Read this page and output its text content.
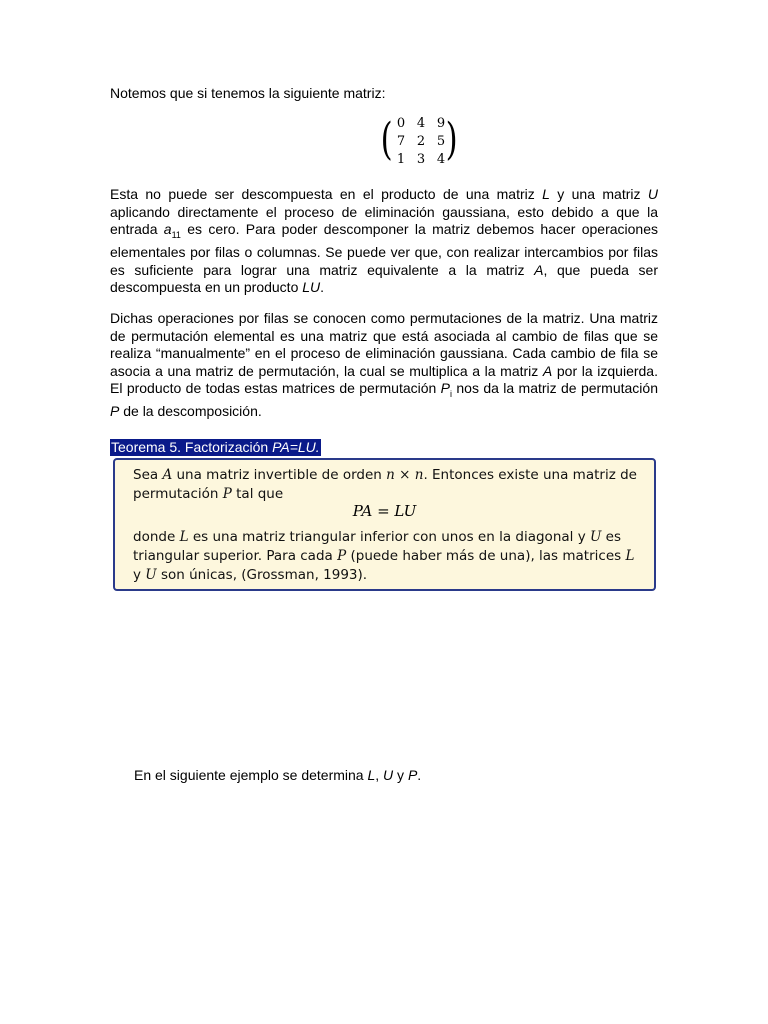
Notemos que si tenemos la siguiente matriz:
( 0 4 9
7 2 5
1 3 4 )
Esta no puede ser descompuesta en el producto de una matriz L y una matriz U aplicando directamente el proceso de eliminación gaussiana, esto debido a que la entrada $a_{11}$ es cero. Para poder descomponer la matriz debemos hacer operaciones elementales por filas o columnas. Se puede ver que, con realizar intercambios por filas es suficiente para lograr una matriz equivalente a la matriz A, que pueda ser descompuesta en un producto LU.
Dichas operaciones por filas se conocen como permutaciones de la matriz. Una matriz de permutación elemental es una matriz que está asociada al cambio de filas que se realiza “manualmente” en el proceso de eliminación gaussiana. Cada cambio de fila se asocia a una matriz de permutación, la cual se multiplica a la matriz A por la izquierda. El producto de todas estas matrices de permutación $P_i$ nos da la matriz de permutación P de la descomposición.
Teorema 5. Factorización PA=LU.
Sea A una matriz invertible de orden n × n. Entonces existe una matriz de permutación P tal que
PA = LU
donde L es una matriz triangular inferior con unos en la diagonal y U es triangular superior. Para cada P (puede haber más de una), las matrices L y U son únicas, (Grossman, 1993).
En el siguiente ejemplo se determina L, U y P.
